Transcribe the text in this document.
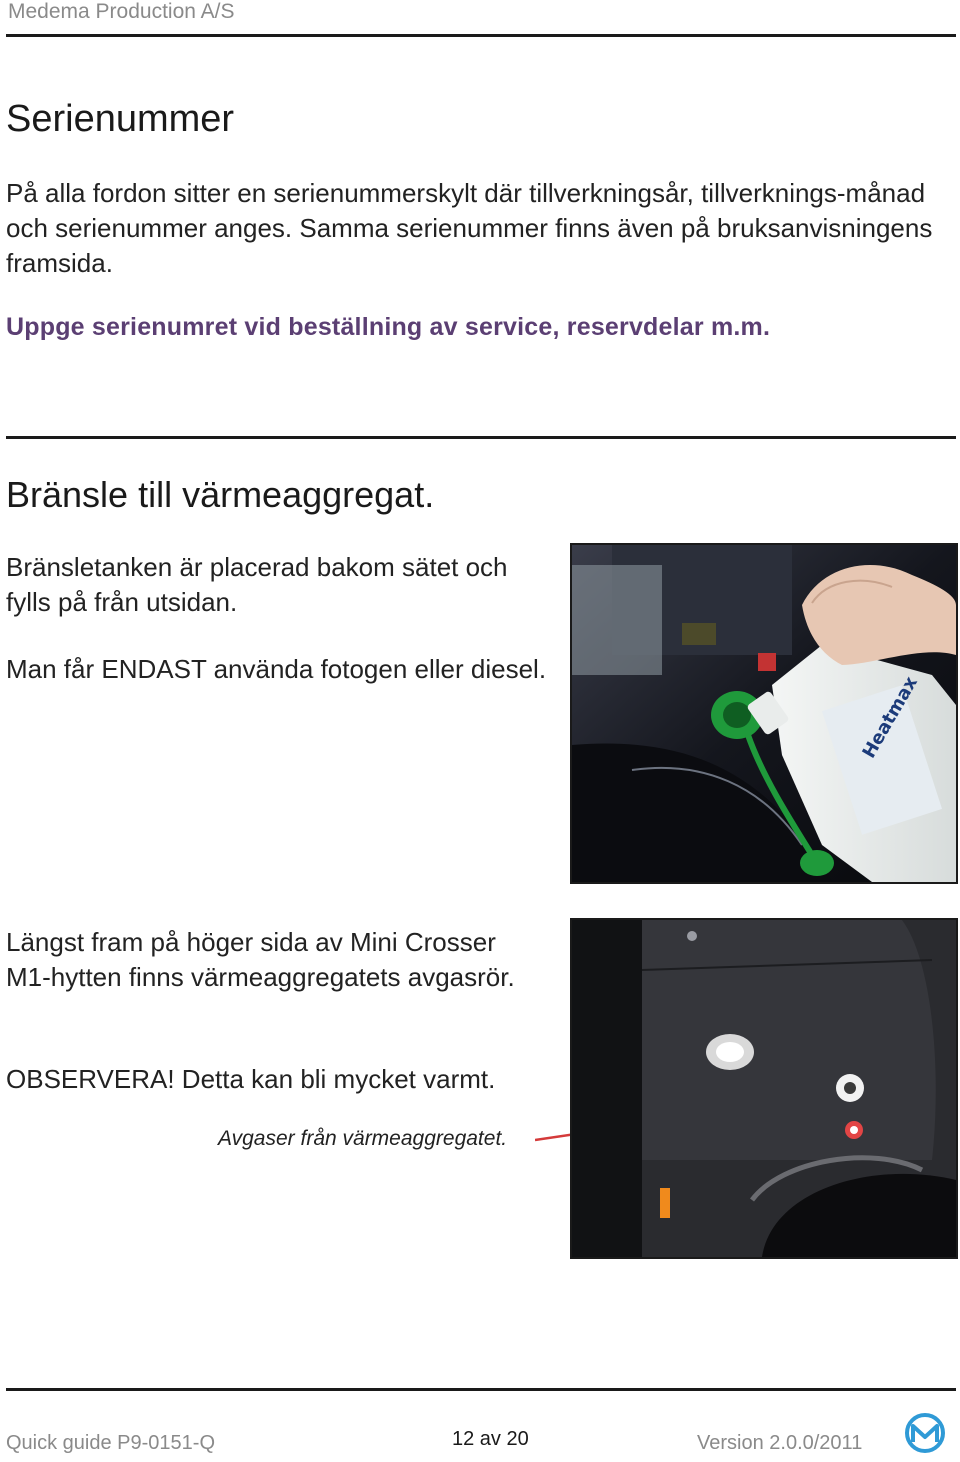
Medema Production A/S
Serienummer
På alla fordon sitter en serienummerskylt där tillverkningsår, tillverknings-månad och serienummer anges. Samma serienummer finns även på bruksanvisningens framsida.
Uppge serienumret vid beställning av service, reservdelar m.m.
Bränsle till värmeaggregat.
Bränsletanken är placerad bakom sätet och fylls på från utsidan.
Man får ENDAST använda fotogen eller diesel.
Heatmax
Längst fram på höger sida av Mini Crosser M1-hytten finns värmeaggregatets avgasrör.
OBSERVERA! Detta kan bli mycket varmt.
Avgaser från värmeaggregatet.
Quick guide P9-0151-Q	12 av 20	Version 2.0.0/2011
